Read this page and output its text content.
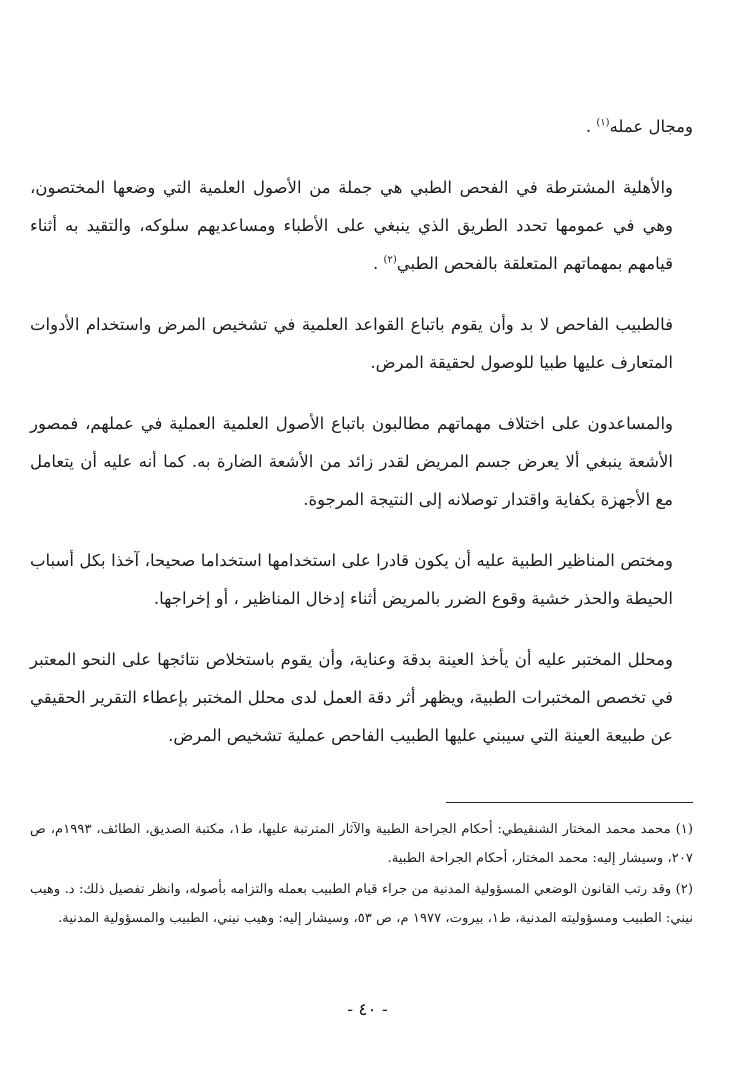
ومجال عمله$^{(١)}$ .

والأهلية المشترطة في الفحص الطبي هي جملة من الأصول العلمية التي وضعها المختصون، وهي في عمومها تحدد الطريق الذي ينبغي على الأطباء ومساعديهم سلوكه، والتقيد به أثناء قيامهم بمهماتهم المتعلقة بالفحص الطبي$^{(٢)}$ .

فالطبيب الفاحص لا بد وأن يقوم باتباع القواعد العلمية في تشخيص المرض واستخدام الأدوات المتعارف عليها طبيا للوصول لحقيقة المرض.

والمساعدون على اختلاف مهماتهم مطالبون باتباع الأصول العلمية العملية في عملهم، فمصور الأشعة ينبغي ألا يعرض جسم المريض لقدر زائد من الأشعة الضارة به. كما أنه عليه أن يتعامل مع الأجهزة بكفاية واقتدار توصلانه إلى النتيجة المرجوة.

ومختص المناظير الطبية عليه أن يكون قادرا على استخدامها استخداما صحيحا، آخذا بكل أسباب الحيطة والحذر خشية وقوع الضرر بالمريض أثناء إدخال المناظير ، أو إخراجها.

ومحلل المختبر عليه أن يأخذ العينة بدقة وعناية، وأن يقوم باستخلاص نتائجها على النحو المعتبر في تخصص المختبرات الطبية، ويظهر أثر دقة العمل لدى محلل المختبر بإعطاء التقرير الحقيقي عن طبيعة العينة التي سيبني عليها الطبيب الفاحص عملية تشخيص المرض.

(١) محمد محمد المختار الشنقيطي: أحكام الجراحة الطبية والآثار المترتبة عليها، ط١، مكتبة الصديق، الطائف، ١٩٩٣م، ص ٢٠٧، وسيشار إليه: محمد المختار، أحكام الجراحة الطبية.

(٢) وقد رتب القانون الوضعي المسؤولية المدنية من جراء قيام الطبيب بعمله والتزامه بأصوله، وانظر تفصيل ذلك: د. وهيب نيني: الطبيب ومسؤوليته المدنية، ط١، بيروت، ١٩٧٧ م، ص ٥٣، وسيشار إليه: وهيب نيني، الطبيب والمسؤولية المدنية.

- ٤٠ -
